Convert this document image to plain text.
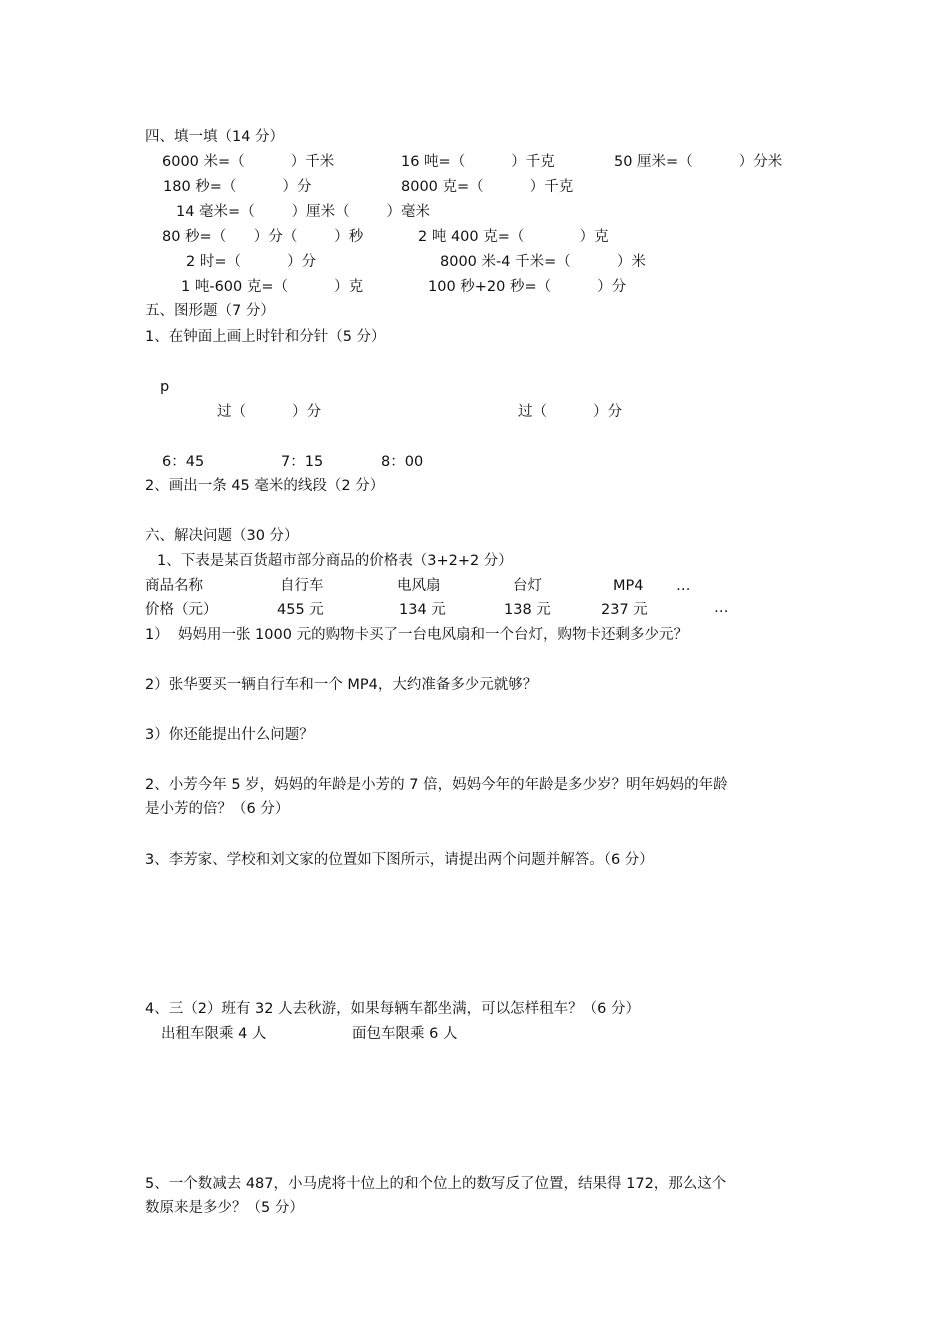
四、填一填（14 分）
6000 米=（          ）千米	16 吨=（          ）千克	50 厘米=（          ）分米
180 秒=（          ）分	8000 克=（          ）千克
14 毫米=（        ）厘米（        ）毫米
80 秒=（      ）分（        ）秒	2 吨 400 克=（            ）克
2 时=（          ）分	8000 米-4 千米=（          ）米
1 吨-600 克=（          ）克	100 秒+20 秒=（          ）分
五、图形题（7 分）
1、在钟面上画上时针和分针（5 分）
p
过（          ）分	过（          ）分
6：45	7：15	8：00
2、画出一条 45 毫米的线段（2 分）
六、解决问题（30 分）
1、下表是某百货超市部分商品的价格表（3+2+2 分）
商品名称	自行车	电风扇	台灯	MP4 …
价格（元）	455 元	134 元	138 元	237 元	…
1）  妈妈用一张 1000 元的购物卡买了一台电风扇和一个台灯，购物卡还剩多少元？
2）张华要买一辆自行车和一个 MP4，大约准备多少元就够？
3）你还能提出什么问题？
2、小芳今年 5 岁，妈妈的年龄是小芳的 7 倍，妈妈今年的年龄是多少岁？明年妈妈的年龄
是小芳的倍？（6 分）
3、李芳家、学校和刘文家的位置如下图所示，请提出两个问题并解答。（6 分）
4、三（2）班有 32 人去秋游，如果每辆车都坐满，可以怎样租车？（6 分）
出租车限乘 4 人	面包车限乘 6 人
5、一个数减去 487，小马虎将十位上的和个位上的数写反了位置，结果得 172，那么这个
数原来是多少？（5 分）
